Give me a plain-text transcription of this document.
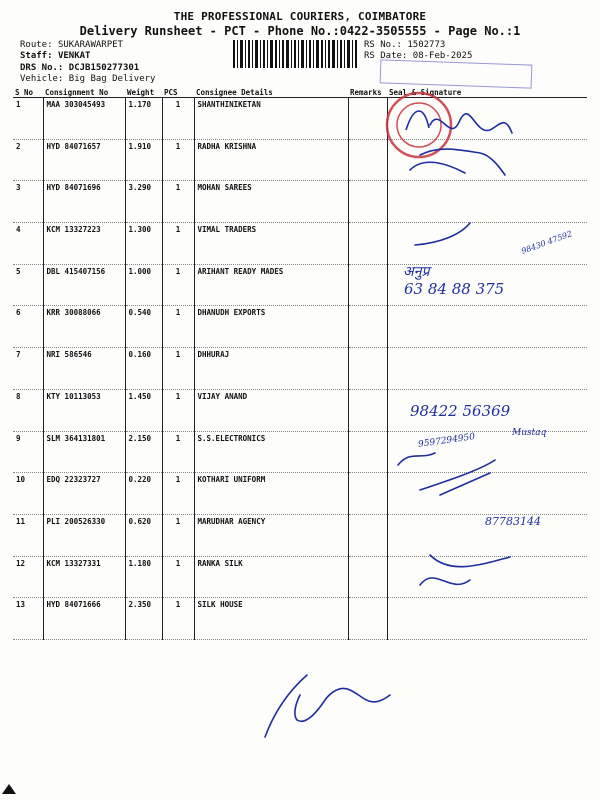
THE PROFESSIONAL COURIERS, COIMBATORE
Delivery Runsheet - PCT - Phone No.:0422-3505555 - Page No.:1
Route: SUKARAWARPET
Staff: VENKAT
DRS No.: DCJB150277301
Vehicle: Big Bag Delivery
RS No.: 1502773
RS Date: 08-Feb-2025
S No	Consignment No	Weight	PCS	Consignee Details	Remarks	Seal & Signature
1	MAA 303045493	1.170	1	SHANTHINIKETAN		
2	HYD 84071657	1.910	1	RADHA KRISHNA		
3	HYD 84071696	3.290	1	MOHAN SAREES		
4	KCM 13327223	1.300	1	VIMAL TRADERS		
5	DBL 415407156	1.000	1	ARIHANT READY MADES		
6	KRR 30088066	0.540	1	DHANUDH EXPORTS		
7	NRI 586546	0.160	1	DHHURAJ		
8	KTY 10113053	1.450	1	VIJAY ANAND		
9	SLM 364131801	2.150	1	S.S.ELECTRONICS		
10	EDQ 22323727	0.220	1	KOTHARI UNIFORM		
11	PLI 200526330	0.620	1	MARUDHAR AGENCY		
12	KCM 13327331	1.180	1	RANKA SILK		
13	HYD 84071666	2.350	1	SILK HOUSE		
अनुप्र
63 84 88 375
98430 47592
98422 56369
9597294950	Mustaq
87783144
